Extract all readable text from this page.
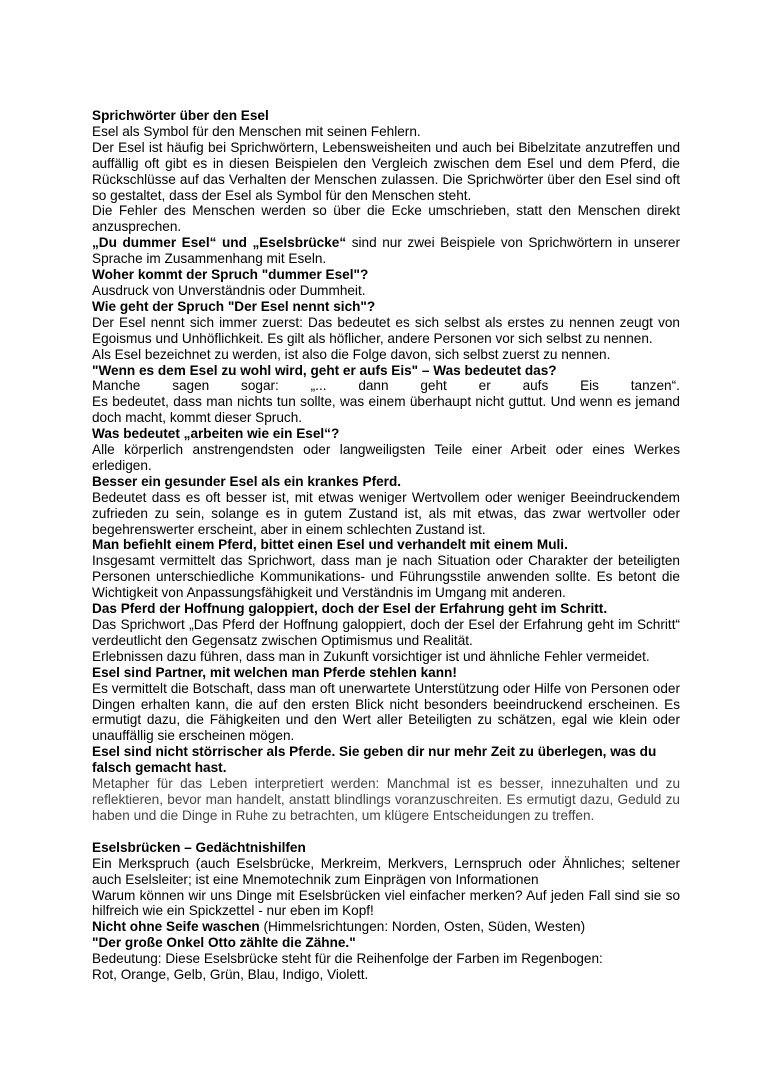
Sprichwörter über den Esel

Esel als Symbol für den Menschen mit seinen Fehlern.

Der Esel ist häufig bei Sprichwörtern, Lebensweisheiten und auch bei Bibelzitate anzutreffen und auffällig oft gibt es in diesen Beispielen den Vergleich zwischen dem Esel und dem Pferd, die Rückschlüsse auf das Verhalten der Menschen zulassen. Die Sprichwörter über den Esel sind oft so gestaltet, dass der Esel als Symbol für den Menschen steht.

Die Fehler des Menschen werden so über die Ecke umschrieben, statt den Menschen direkt anzusprechen.

„Du dummer Esel“ und „Eselsbrücke“ sind nur zwei Beispiele von Sprichwörtern in unserer Sprache im Zusammenhang mit Eseln.

Woher kommt der Spruch "dummer Esel"?

Ausdruck von Unverständnis oder Dummheit.

Wie geht der Spruch "Der Esel nennt sich"?

Der Esel nennt sich immer zuerst: Das bedeutet es sich selbst als erstes zu nennen zeugt von Egoismus und Unhöflichkeit. Es gilt als höflicher, andere Personen vor sich selbst zu nennen.

Als Esel bezeichnet zu werden, ist also die Folge davon, sich selbst zuerst zu nennen.

"Wenn es dem Esel zu wohl wird, geht er aufs Eis" – Was bedeutet das?

Manche sagen sogar: „... dann geht er aufs Eis tanzen“.

Es bedeutet, dass man nichts tun sollte, was einem überhaupt nicht guttut. Und wenn es jemand doch macht, kommt dieser Spruch.

Was bedeutet „arbeiten wie ein Esel“?

Alle körperlich anstrengendsten oder langweiligsten Teile einer Arbeit oder eines Werkes erledigen.

Besser ein gesunder Esel als ein krankes Pferd.

Bedeutet dass es oft besser ist, mit etwas weniger Wertvollem oder weniger Beeindruckendem zufrieden zu sein, solange es in gutem Zustand ist, als mit etwas, das zwar wertvoller oder begehrenswerter erscheint, aber in einem schlechten Zustand ist.

Man befiehlt einem Pferd, bittet einen Esel und verhandelt mit einem Muli.

Insgesamt vermittelt das Sprichwort, dass man je nach Situation oder Charakter der beteiligten Personen unterschiedliche Kommunikations- und Führungsstile anwenden sollte. Es betont die Wichtigkeit von Anpassungsfähigkeit und Verständnis im Umgang mit anderen.

Das Pferd der Hoffnung galoppiert, doch der Esel der Erfahrung geht im Schritt.

Das Sprichwort „Das Pferd der Hoffnung galoppiert, doch der Esel der Erfahrung geht im Schritt“ verdeutlicht den Gegensatz zwischen Optimismus und Realität.

Erlebnissen dazu führen, dass man in Zukunft vorsichtiger ist und ähnliche Fehler vermeidet.

Esel sind Partner, mit welchen man Pferde stehlen kann!

Es vermittelt die Botschaft, dass man oft unerwartete Unterstützung oder Hilfe von Personen oder Dingen erhalten kann, die auf den ersten Blick nicht besonders beeindruckend erscheinen. Es ermutigt dazu, die Fähigkeiten und den Wert aller Beteiligten zu schätzen, egal wie klein oder unauffällig sie erscheinen mögen.

Esel sind nicht störrischer als Pferde. Sie geben dir nur mehr Zeit zu überlegen, was du falsch gemacht hast.

Metapher für das Leben interpretiert werden: Manchmal ist es besser, innezuhalten und zu reflektieren, bevor man handelt, anstatt blindlings voranzuschreiten. Es ermutigt dazu, Geduld zu haben und die Dinge in Ruhe zu betrachten, um klügere Entscheidungen zu treffen.

Eselsbrücken – Gedächtnishilfen

Ein Merkspruch (auch Eselsbrücke, Merkreim, Merkvers, Lernspruch oder Ähnliches; seltener auch Eselsleiter; ist eine Mnemotechnik zum Einprägen von Informationen

Warum können wir uns Dinge mit Eselsbrücken viel einfacher merken? Auf jeden Fall sind sie so hilfreich wie ein Spickzettel - nur eben im Kopf!

Nicht ohne Seife waschen (Himmelsrichtungen: Norden, Osten, Süden, Westen)

"Der große Onkel Otto zählte die Zähne."

Bedeutung: Diese Eselsbrücke steht für die Reihenfolge der Farben im Regenbogen:

Rot, Orange, Gelb, Grün, Blau, Indigo, Violett.
